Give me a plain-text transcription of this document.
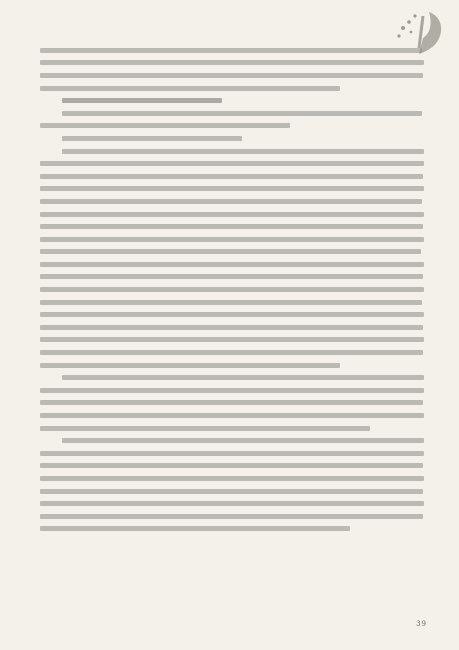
39
